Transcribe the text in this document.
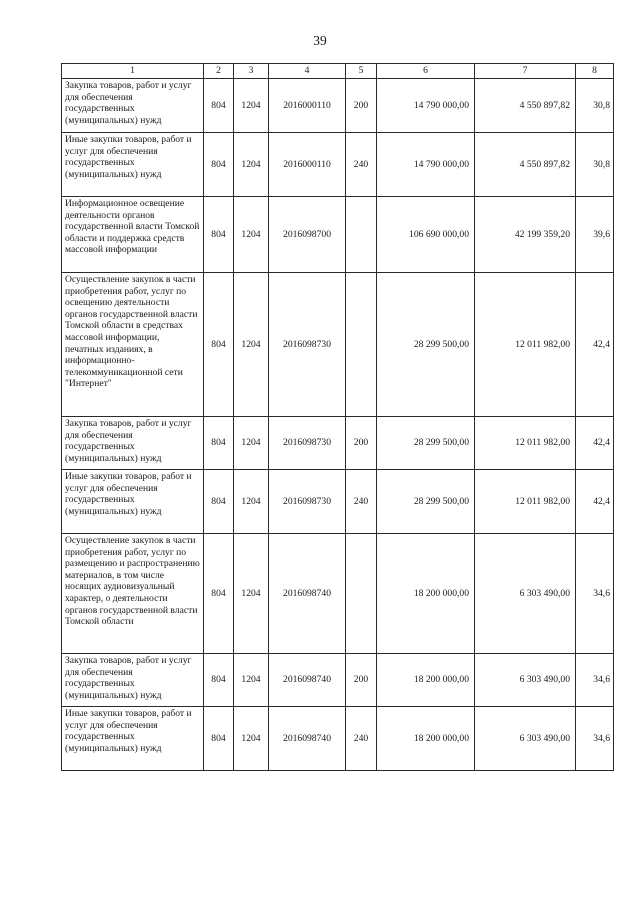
39
1	2	3	4	5	6	7	8
Закупка товаров, работ и услуг для обеспечения государственных (муниципальных) нужд	804	1204	2016000110	200	14 790 000,00	4 550 897,82	30,8
Иные закупки товаров, работ и услуг для обеспечения государственных (муниципальных) нужд	804	1204	2016000110	240	14 790 000,00	4 550 897,82	30,8
Информационное освещение деятельности органов государственной власти Томской области и поддержка средств массовой информации	804	1204	2016098700		106 690 000,00	42 199 359,20	39,6
Осуществление закупок в части приобретения работ, услуг по освещению деятельности органов государственной власти Томской области в средствах массовой информации, печатных изданиях, в информационно-телекоммуникационной сети "Интернет"	804	1204	2016098730		28 299 500,00	12 011 982,00	42,4
Закупка товаров, работ и услуг для обеспечения государственных (муниципальных) нужд	804	1204	2016098730	200	28 299 500,00	12 011 982,00	42,4
Иные закупки товаров, работ и услуг для обеспечения государственных (муниципальных) нужд	804	1204	2016098730	240	28 299 500,00	12 011 982,00	42,4
Осуществление закупок в части приобретения работ, услуг по размещению и распространению материалов, в том числе носящих аудиовизуальный характер, о деятельности органов государственной власти Томской области	804	1204	2016098740		18 200 000,00	6 303 490,00	34,6
Закупка товаров, работ и услуг для обеспечения государственных (муниципальных) нужд	804	1204	2016098740	200	18 200 000,00	6 303 490,00	34,6
Иные закупки товаров, работ и услуг для обеспечения государственных (муниципальных) нужд	804	1204	2016098740	240	18 200 000,00	6 303 490,00	34,6
